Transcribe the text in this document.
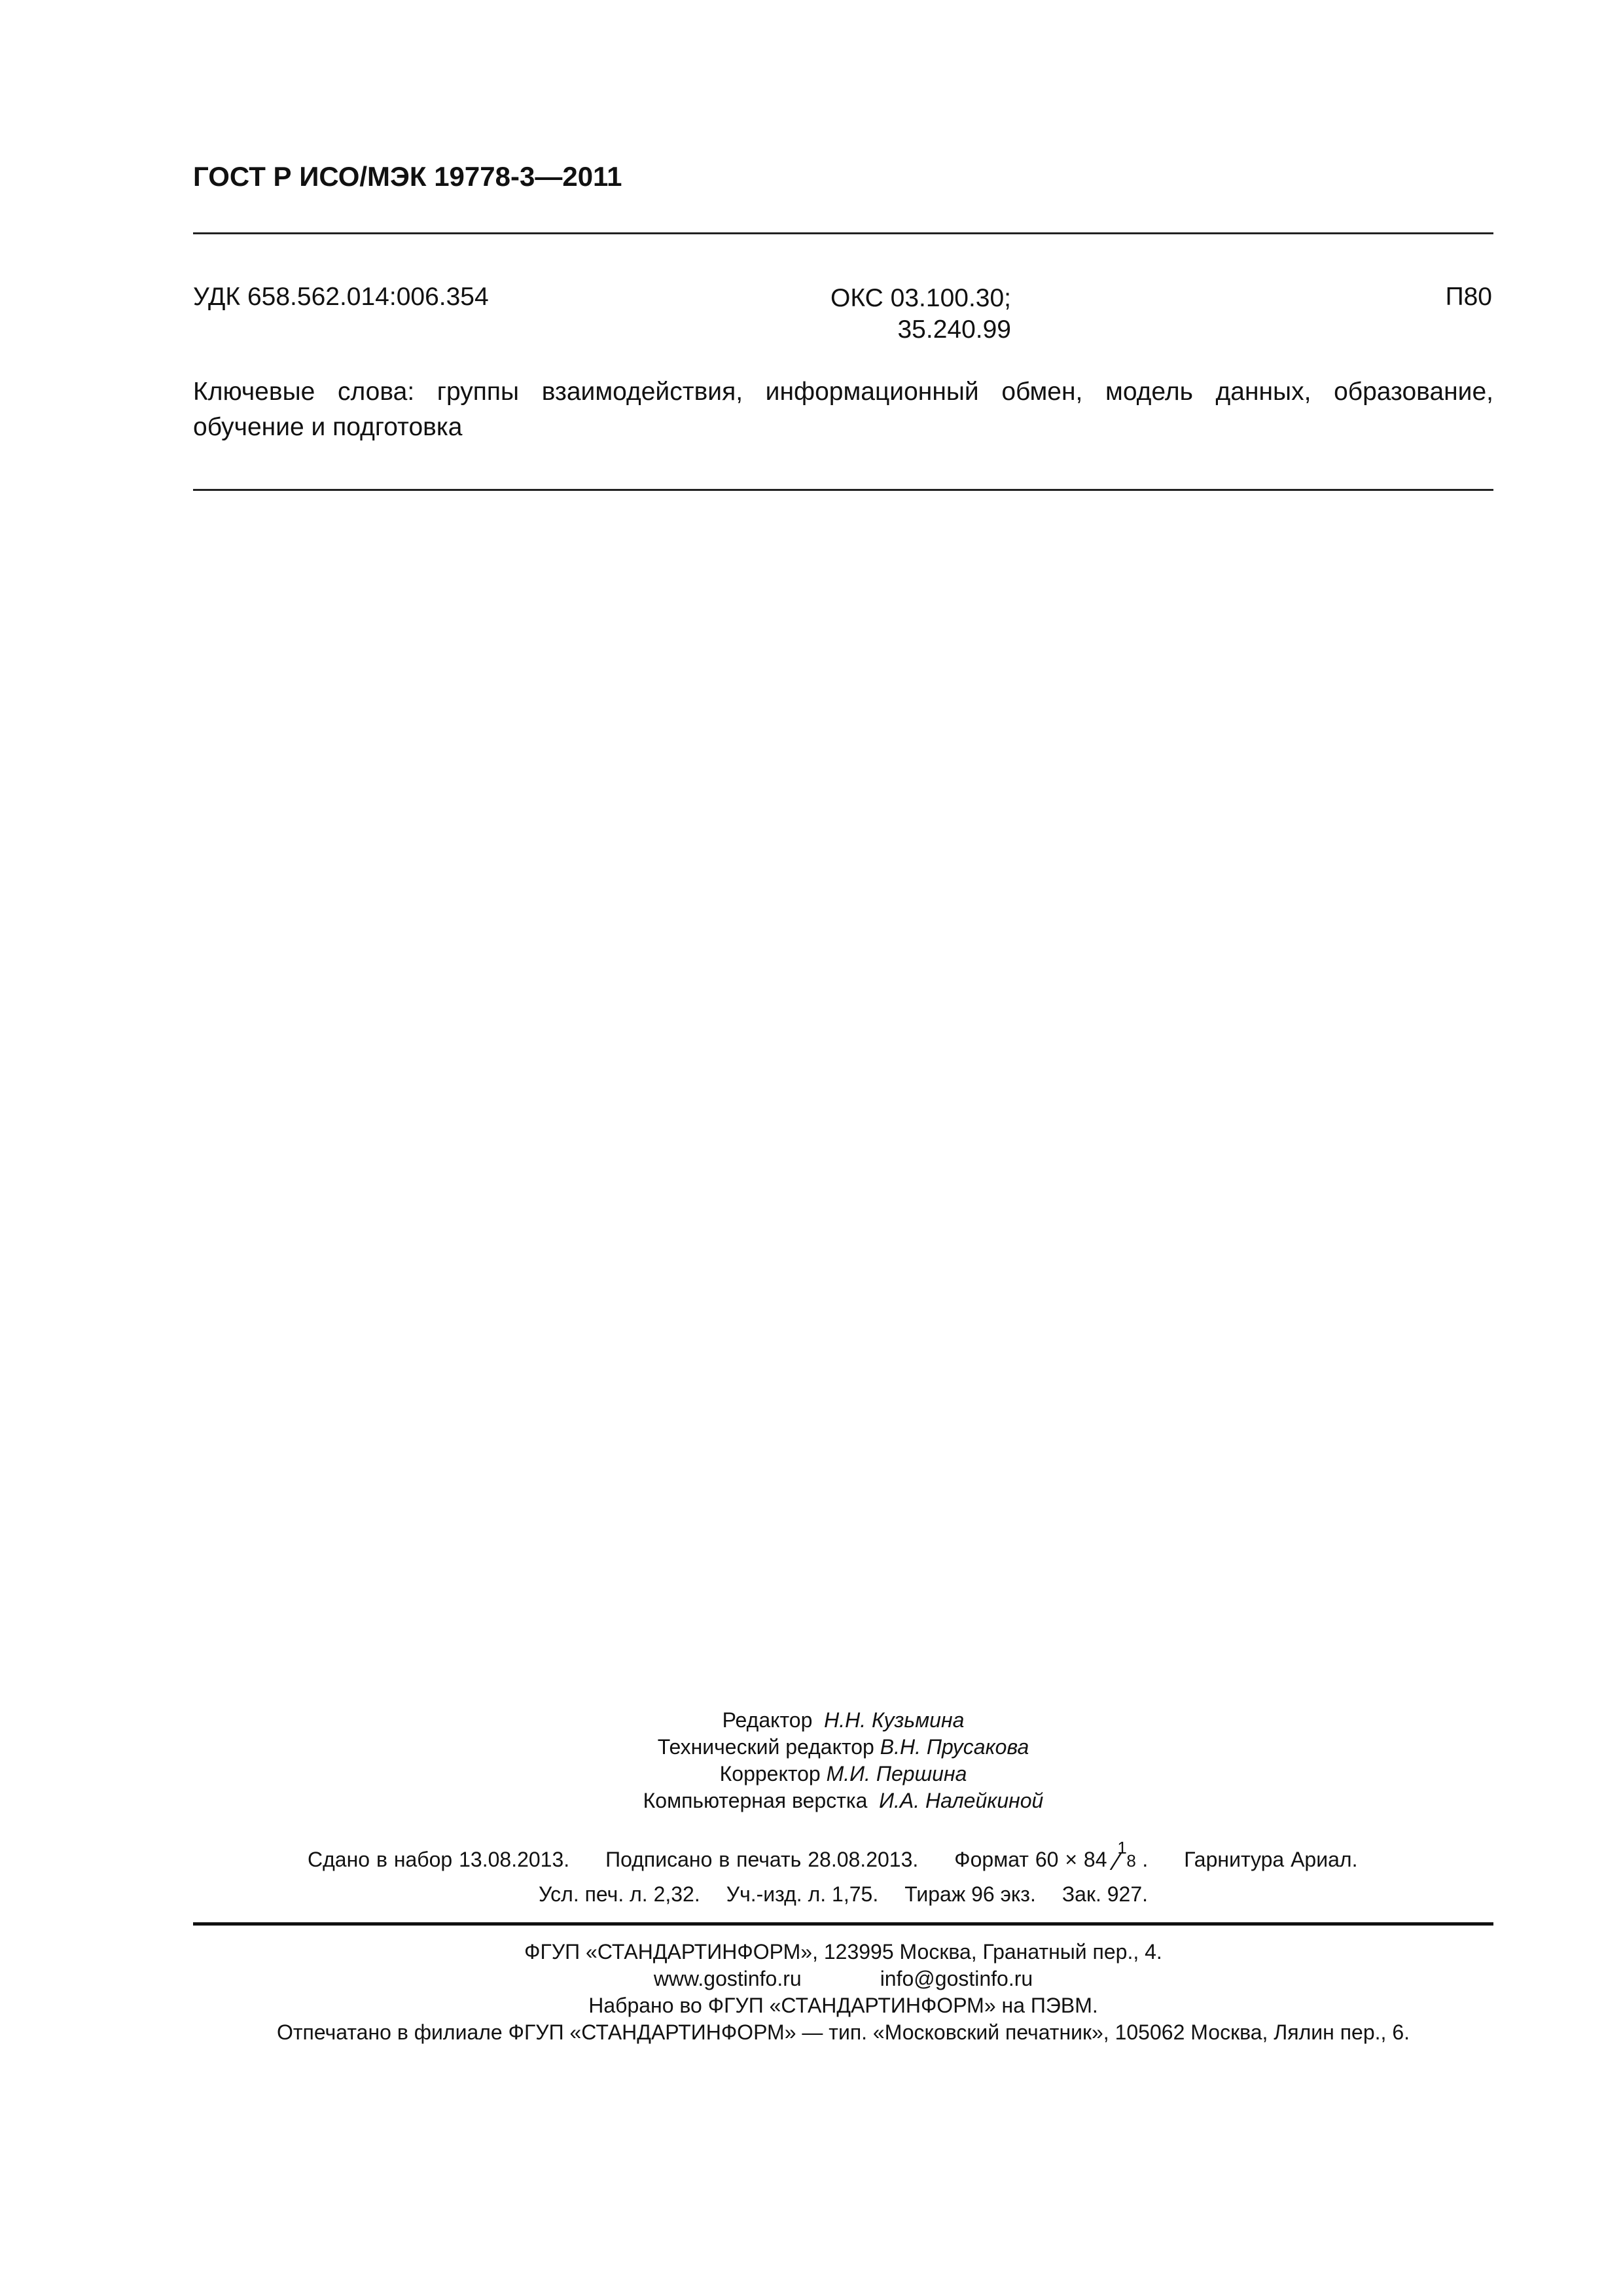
ГОСТ Р ИСО/МЭК 19778-3—2011
УДК 658.562.014:006.354	ОКС 03.100.30;
35.240.99
П80

Ключевые слова: группы взаимодействия, информационный обмен, модель данных, образование,

обучение и подготовка

Редактор Н.Н. Кузьмина

Технический редактор В.Н. Прусакова

Корректор М.И. Першина

Компьютерная верстка И.А. Налейкиной

Сдано в набор 13.08.2013. Подписано в печать 28.08.2013. Формат 60 × 84 1
⁄ 8 . Гарнитура Ариал.
Усл. печ. л. 2,32. Уч.-изд. л. 1,75. Тираж 96 экз. Зак. 927.

ФГУП «СТАНДАРТИНФОРМ», 123995 Москва, Гранатный пер., 4.

www.gostinfo.ru	info@gostinfo.ru

Набрано во ФГУП «СТАНДАРТИНФОРМ» на ПЭВМ.

Отпечатано в филиале ФГУП «СТАНДАРТИНФОРМ» — тип. «Московский печатник», 105062 Москва, Лялин пер., 6.
